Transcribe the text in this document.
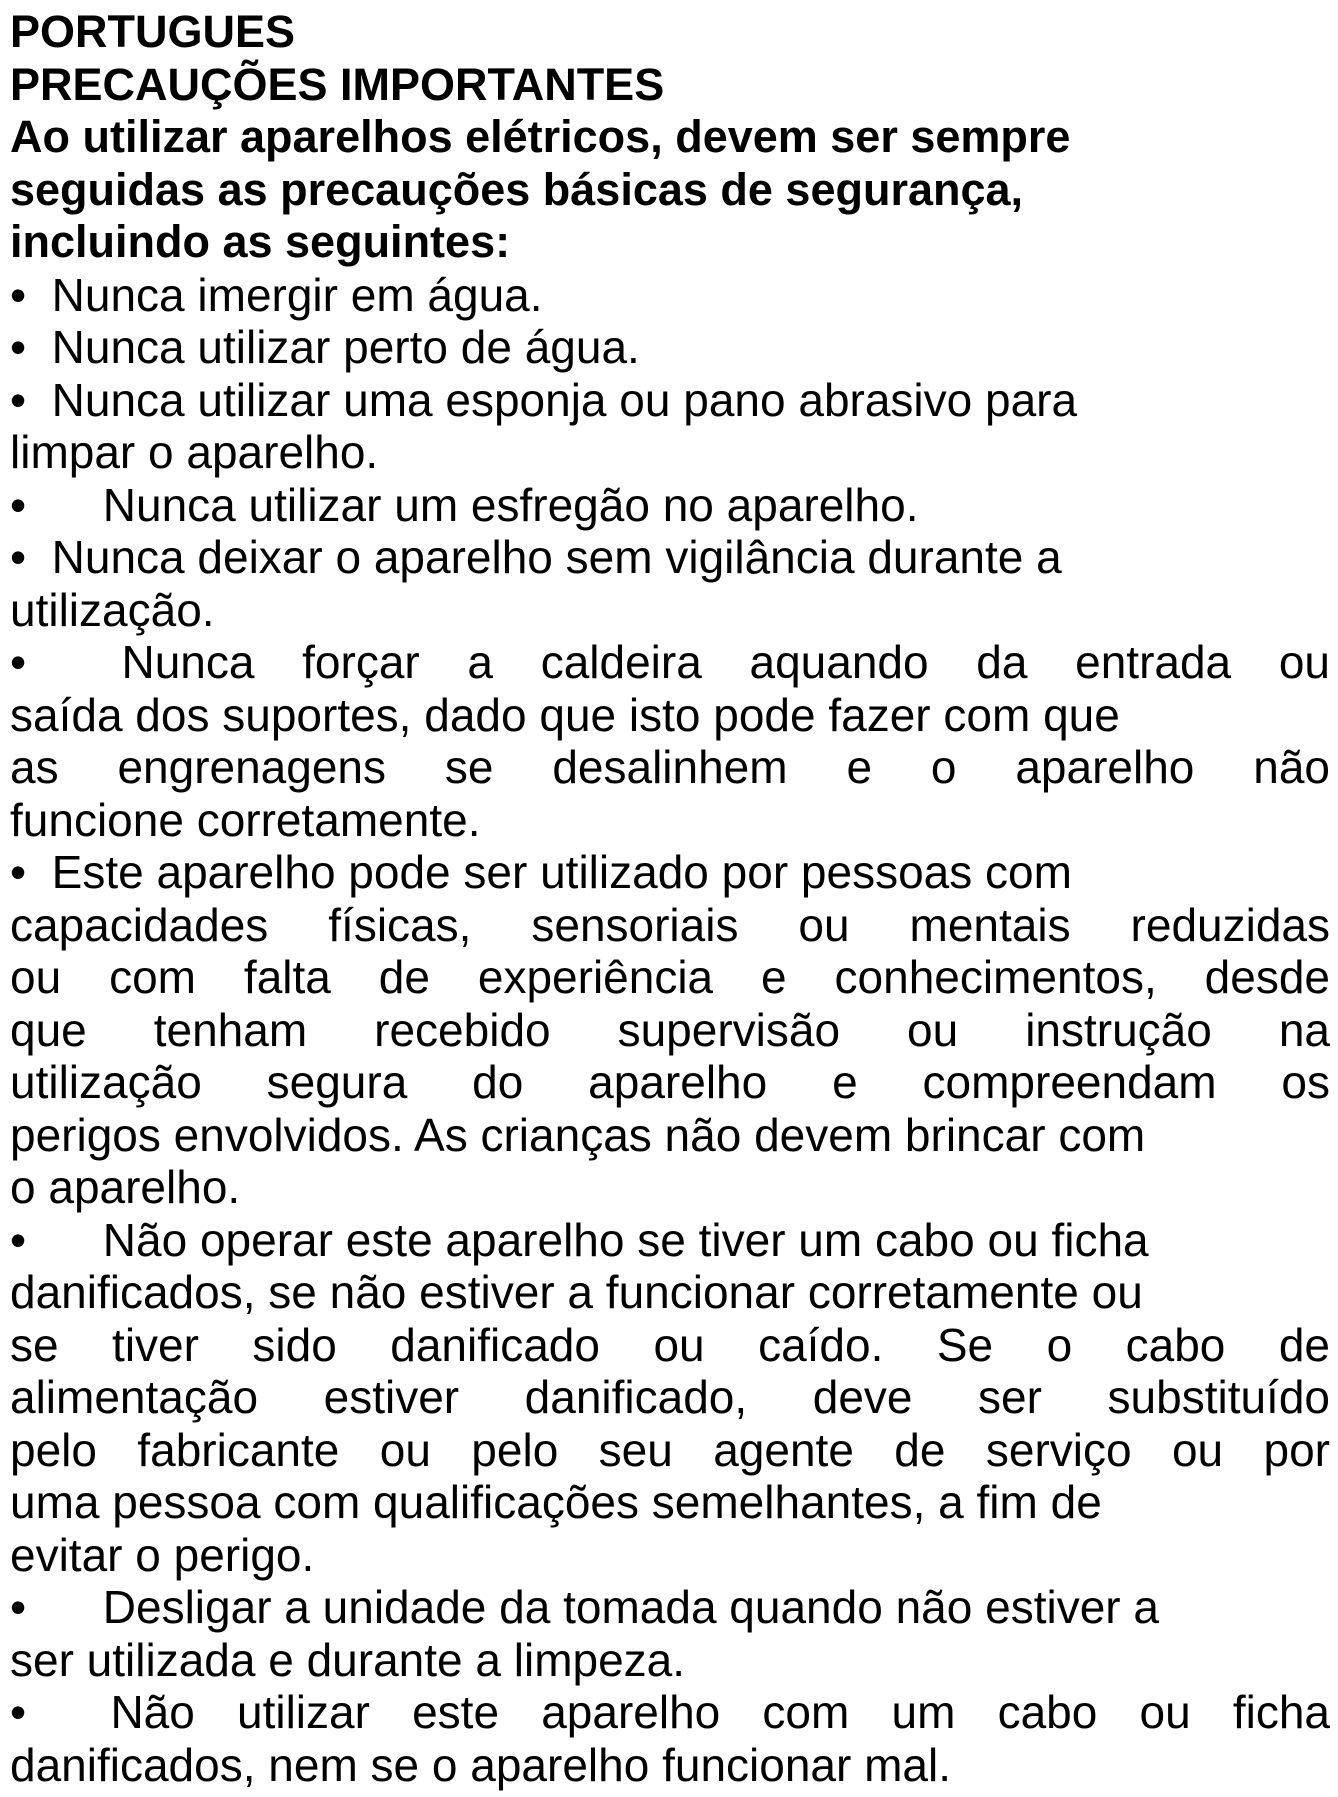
PORTUGUES
PRECAUÇÕES IMPORTANTES
Ao utilizar aparelhos elétricos, devem ser sempre
seguidas as precauções básicas de segurança,
incluindo as seguintes:
•  Nunca imergir em água.
•  Nunca utilizar perto de água.
•  Nunca utilizar uma esponja ou pano abrasivo para
limpar o aparelho.
•      Nunca utilizar um esfregão no aparelho.
•  Nunca deixar o aparelho sem vigilância durante a
utilização.
•  Nunca forçar a caldeira aquando da entrada ou
saída dos suportes, dado que isto pode fazer com que
as engrenagens se desalinhem e o aparelho não
funcione corretamente.
•  Este aparelho pode ser utilizado por pessoas com
capacidades físicas, sensoriais ou mentais reduzidas
ou com falta de experiência e conhecimentos, desde
que tenham recebido supervisão ou instrução na
utilização segura do aparelho e compreendam os
perigos envolvidos. As crianças não devem brincar com
o aparelho.
•      Não operar este aparelho se tiver um cabo ou ficha
danificados, se não estiver a funcionar corretamente ou
se tiver sido danificado ou caído. Se o cabo de
alimentação estiver danificado, deve ser substituído
pelo fabricante ou pelo seu agente de serviço ou por
uma pessoa com qualificações semelhantes, a fim de
evitar o perigo.
•      Desligar a unidade da tomada quando não estiver a
ser utilizada e durante a limpeza.
•  Não utilizar este aparelho com um cabo ou ficha
danificados, nem se o aparelho funcionar mal.
